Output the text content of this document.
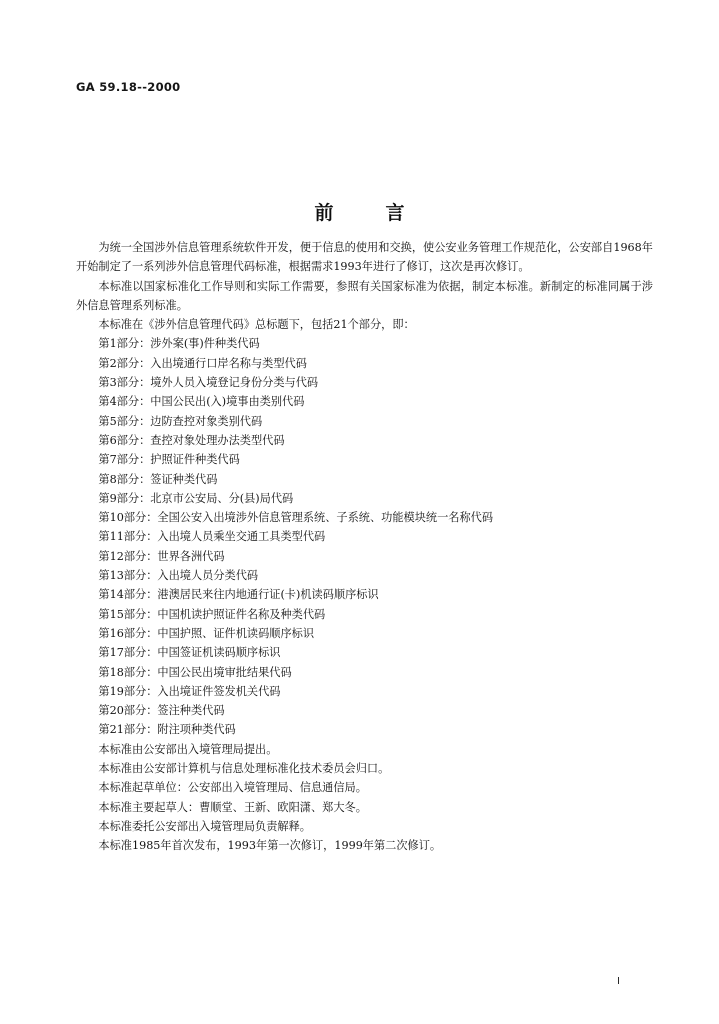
GA 59.18--2000
前言

为统一全国涉外信息管理系统软件开发，便于信息的使用和交换，使公安业务管理工作规范化，公安部自1968年开始制定了一系列涉外信息管理代码标准，根据需求1993年进行了修订，这次是再次修订。

本标准以国家标准化工作导则和实际工作需要，参照有关国家标准为依据，制定本标准。新制定的标准同属于涉外信息管理系列标准。

本标准在《涉外信息管理代码》总标题下，包括21个部分，即：

第1部分：涉外案(事)件种类代码
第2部分：入出境通行口岸名称与类型代码
第3部分：境外人员入境登记身份分类与代码
第4部分：中国公民出(入)境事由类别代码
第5部分：边防查控对象类别代码
第6部分：查控对象处理办法类型代码
第7部分：护照证件种类代码
第8部分：签证种类代码
第9部分：北京市公安局、分(县)局代码
第10部分：全国公安入出境涉外信息管理系统、子系统、功能模块统一名称代码
第11部分：入出境人员乘坐交通工具类型代码
第12部分：世界各洲代码
第13部分：入出境人员分类代码
第14部分：港澳居民来往内地通行证(卡)机读码顺序标识
第15部分：中国机读护照证件名称及种类代码
第16部分：中国护照、证件机读码顺序标识
第17部分：中国签证机读码顺序标识
第18部分：中国公民出境审批结果代码
第19部分：入出境证件签发机关代码
第20部分：签注种类代码
第21部分：附注项种类代码

本标准由公安部出入境管理局提出。

本标准由公安部计算机与信息处理标准化技术委员会归口。

本标准起草单位：公安部出入境管理局、信息通信局。

本标准主要起草人：曹顺堂、王新、欧阳潇、郑大冬。

本标准委托公安部出入境管理局负责解释。

本标准1985年首次发布，1993年第一次修订，1999年第二次修订。

I
